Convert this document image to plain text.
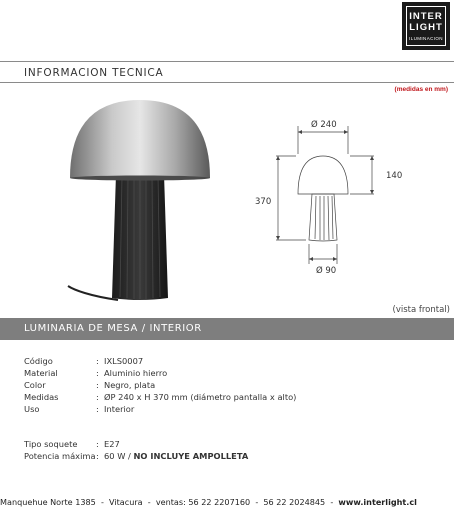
INTER
LIGHT
ILUMINACION
INFORMACION TECNICA
(medidas en mm)
Ø 240
370
140
Ø 90
(vista frontal)
LUMINARIA DE MESA / INTERIOR
Código	: IXLS0007
Material	: Aluminio hierro
Color	: Negro, plata
Medidas	: ØP 240 x H 370 mm (diámetro pantalla x alto)
Uso	: Interior
Tipo soquete : E27
Potencia máxima : 60 W / NO INCLUYE AMPOLLETA
Manquehue Norte 1385  -  Vitacura  -  ventas: 56 22 2207160  -  56 22 2024845  -  www.interlight.cl
